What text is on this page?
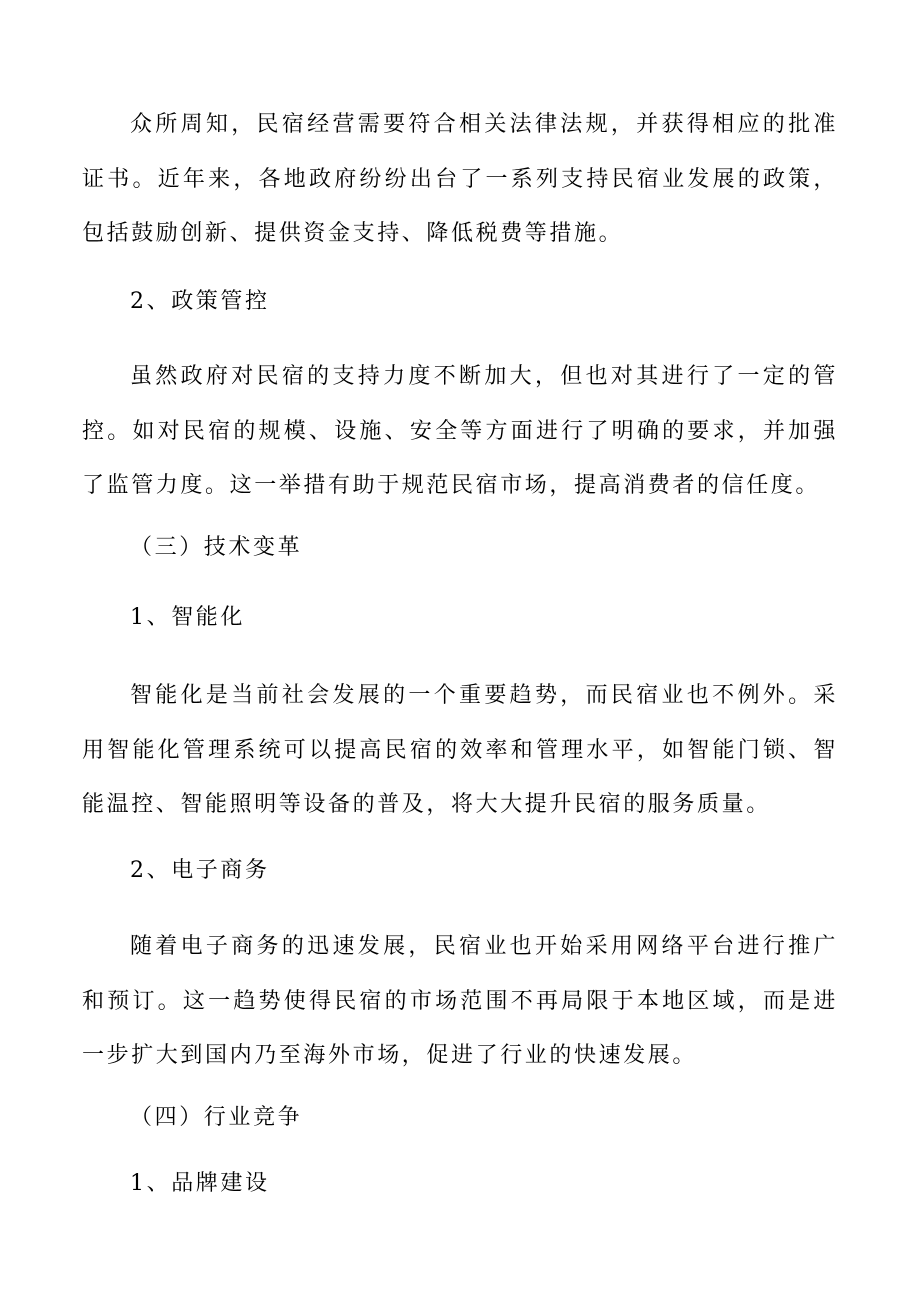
众所周知，民宿经营需要符合相关法律法规，并获得相应的批准证书。近年来，各地政府纷纷出台了一系列支持民宿业发展的政策，包括鼓励创新、提供资金支持、降低税费等措施。

2、政策管控

虽然政府对民宿的支持力度不断加大，但也对其进行了一定的管控。如对民宿的规模、设施、安全等方面进行了明确的要求，并加强了监管力度。这一举措有助于规范民宿市场，提高消费者的信任度。

（三）技术变革

1、智能化

智能化是当前社会发展的一个重要趋势，而民宿业也不例外。采用智能化管理系统可以提高民宿的效率和管理水平，如智能门锁、智能温控、智能照明等设备的普及，将大大提升民宿的服务质量。

2、电子商务

随着电子商务的迅速发展，民宿业也开始采用网络平台进行推广和预订。这一趋势使得民宿的市场范围不再局限于本地区域，而是进一步扩大到国内乃至海外市场，促进了行业的快速发展。

（四）行业竞争

1、品牌建设
